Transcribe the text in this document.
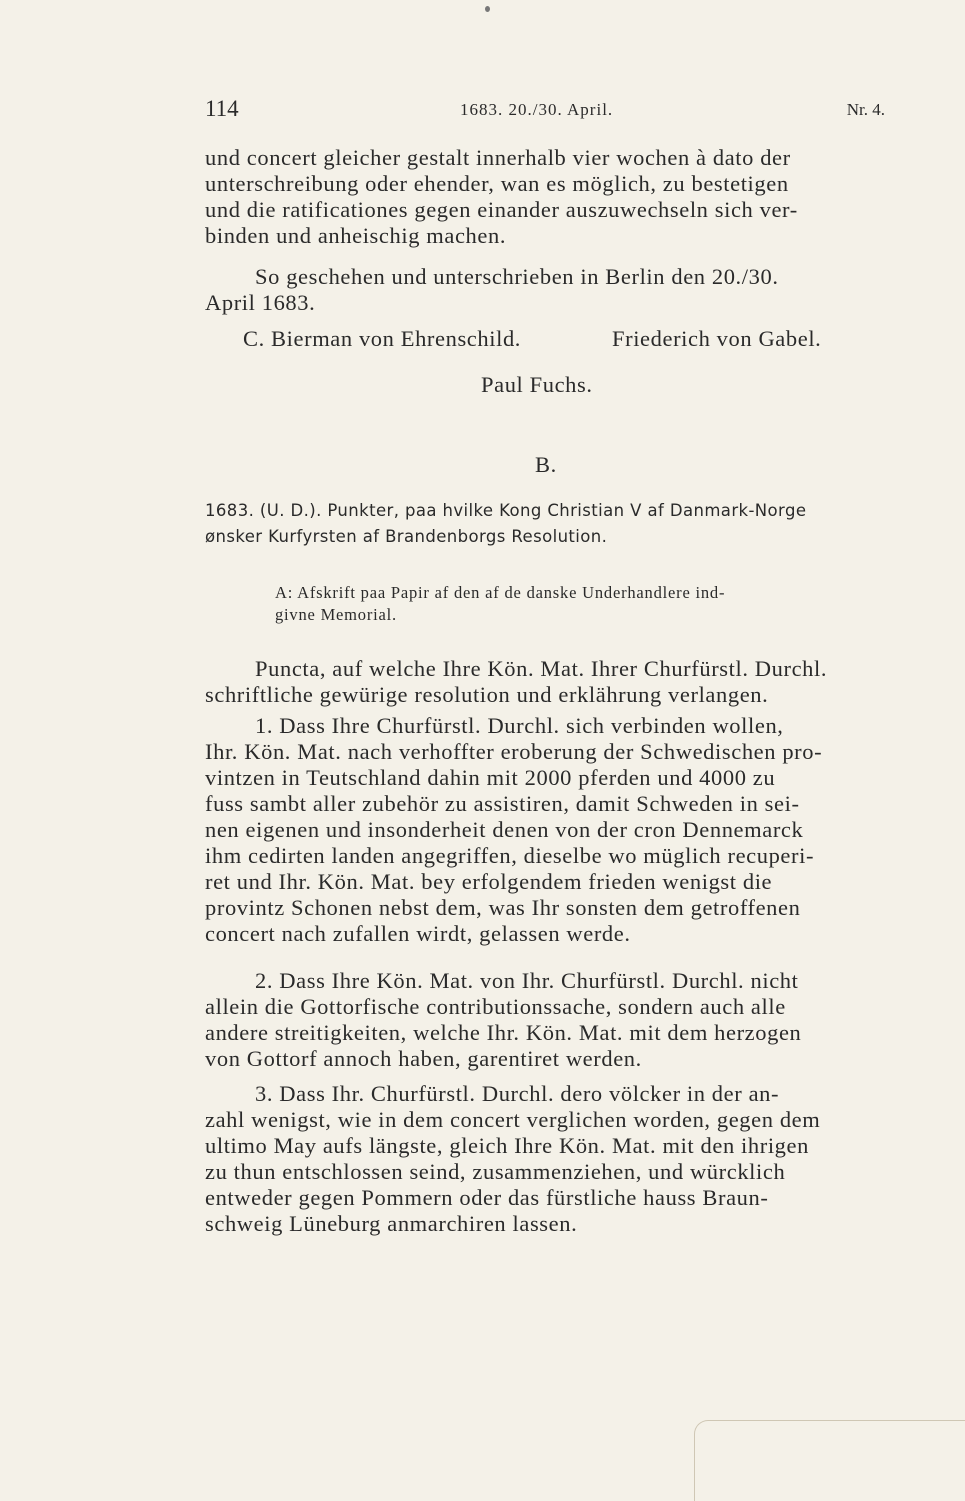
114	1683. 20./30. April.	Nr. 4.
und concert gleicher gestalt innerhalb vier wochen à dato der
unterschreibung oder ehender, wan es möglich, zu bestetigen
und die ratificationes gegen einander auszuwechseln sich ver-
binden und anheischig machen.
So geschehen und unterschrieben in Berlin den 20./30.
April 1683.
C. Bierman von Ehrenschild.	Friederich von Gabel.
Paul Fuchs.
B.
1683. (U. D.). Punkter, paa hvilke Kong Christian V af Danmark-Norge
ønsker Kurfyrsten af Brandenborgs Resolution.
A: Afskrift paa Papir af den af de danske Underhandlere ind-
givne Memorial.
Puncta, auf welche Ihre Kön. Mat. Ihrer Churfürstl. Durchl.
schriftliche gewürige resolution und erklährung verlangen.
1. Dass Ihre Churfürstl. Durchl. sich verbinden wollen,
Ihr. Kön. Mat. nach verhoffter eroberung der Schwedischen pro-
vintzen in Teutschland dahin mit 2000 pferden und 4000 zu
fuss sambt aller zubehör zu assistiren, damit Schweden in sei-
nen eigenen und insonderheit denen von der cron Dennemarck
ihm cedirten landen angegriffen, dieselbe wo müglich recuperi-
ret und Ihr. Kön. Mat. bey erfolgendem frieden wenigst die
provintz Schonen nebst dem, was Ihr sonsten dem getroffenen
concert nach zufallen wirdt, gelassen werde.
2. Dass Ihre Kön. Mat. von Ihr. Churfürstl. Durchl. nicht
allein die Gottorfische contributionssache, sondern auch alle
andere streitigkeiten, welche Ihr. Kön. Mat. mit dem herzogen
von Gottorf annoch haben, garentiret werden.
3. Dass Ihr. Churfürstl. Durchl. dero völcker in der an-
zahl wenigst, wie in dem concert verglichen worden, gegen dem
ultimo May aufs längste, gleich Ihre Kön. Mat. mit den ihrigen
zu thun entschlossen seind, zusammenziehen, und würcklich
entweder gegen Pommern oder das fürstliche hauss Braun-
schweig Lüneburg anmarchiren lassen.
